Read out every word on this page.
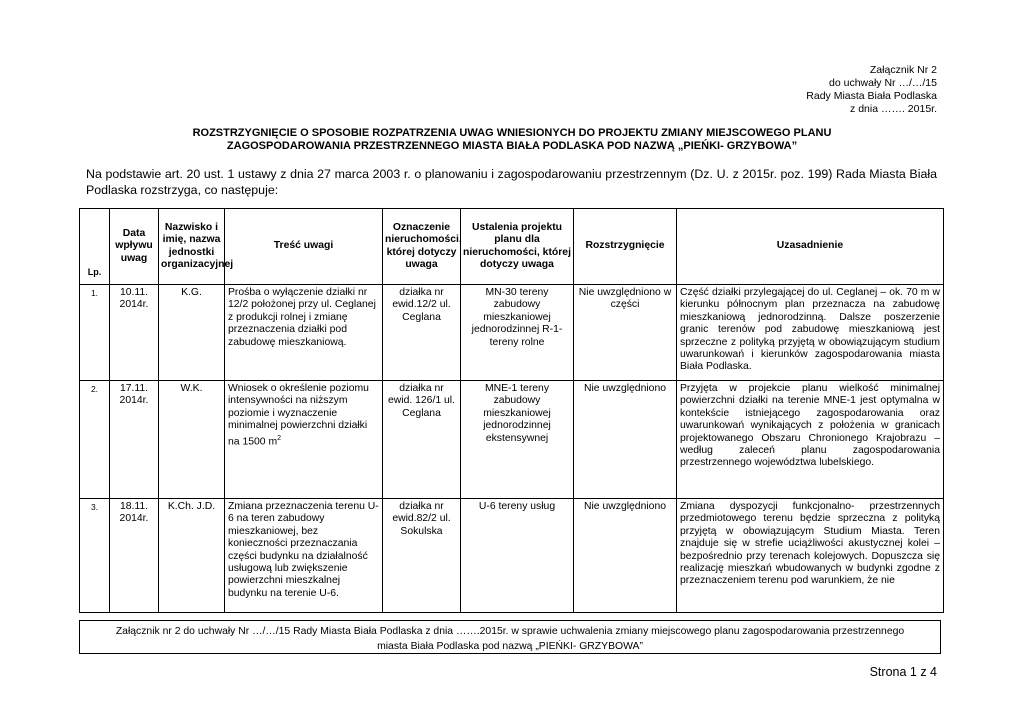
Załącznik Nr 2
do uchwały Nr …/…/15
Rady Miasta Biała Podlaska
z dnia ……. 2015r.
ROZSTRZYGNIĘCIE O SPOSOBIE ROZPATRZENIA UWAG WNIESIONYCH DO PROJEKTU ZMIANY MIEJSCOWEGO PLANU
ZAGOSPODAROWANIA PRZESTRZENNEGO MIASTA BIAŁA PODLASKA POD NAZWĄ „PIEŃKI- GRZYBOWA”
Na podstawie art. 20 ust. 1 ustawy z dnia 27 marca 2003 r. o planowaniu i zagospodarowaniu przestrzennym (Dz. U. z 2015r. poz. 199) Rada Miasta Biała Podlaska rozstrzyga, co następuje:
Lp.	Data wpływu uwag	Nazwisko i imię, nazwa jednostki organizacyjnej	Treść uwagi	Oznaczenie nieruchomości, której dotyczy uwaga	Ustalenia projektu planu dla nieruchomości, której dotyczy uwaga	Rozstrzygnięcie	Uzasadnienie
1.	10.11. 2014r.	K.G.	Prośba o wyłączenie działki nr 12/2 położonej przy ul. Ceglanej z produkcji rolnej i zmianę przeznaczenia działki pod zabudowę mieszkaniową.	działka nr ewid.12/2 ul. Ceglana	MN-30 tereny zabudowy mieszkaniowej jednorodzinnej R-1- tereny rolne	Nie uwzględniono w części	Część działki przylegającej do ul. Ceglanej – ok. 70 m w kierunku północnym plan przeznacza na zabudowę mieszkaniową jednorodzinną. Dalsze poszerzenie granic terenów pod zabudowę mieszkaniową jest sprzeczne z polityką przyjętą w obowiązującym studium uwarunkowań i kierunków zagospodarowania miasta Biała Podlaska.
2.	17.11. 2014r.	W.K.	Wniosek o określenie poziomu intensywności na niższym poziomie i wyznaczenie minimalnej powierzchni działki na 1500 $m^2$	działka nr ewid. 126/1 ul. Ceglana	MNE-1 tereny zabudowy mieszkaniowej jednorodzinnej ekstensywnej	Nie uwzględniono	Przyjęta w projekcie planu wielkość minimalnej powierzchni działki na terenie MNE-1 jest optymalna w kontekście istniejącego zagospodarowania oraz uwarunkowań wynikających z położenia w granicach projektowanego Obszaru Chronionego Krajobrazu – według zaleceń planu zagospodarowania przestrzennego województwa lubelskiego.
3.	18.11. 2014r.	K.Ch. J.D.	Zmiana przeznaczenia terenu U-6 na teren zabudowy mieszkaniowej, bez konieczności przeznaczania części budynku na działalność usługową lub zwiększenie powierzchni mieszkalnej budynku na terenie U-6.	działka nr ewid.82/2 ul. Sokulska	U-6 tereny usług	Nie uwzględniono	Zmiana dyspozycji funkcjonalno- przestrzennych przedmiotowego terenu będzie sprzeczna z polityką przyjętą w obowiązującym Studium Miasta. Teren znajduje się w strefie uciążliwości akustycznej kolei – bezpośrednio przy terenach kolejowych. Dopuszcza się realizację mieszkań wbudowanych w budynki zgodne z przeznaczeniem terenu pod warunkiem, że nie
Załącznik nr 2 do uchwały Nr …/…/15 Rady Miasta Biała Podlaska z dnia …….2015r. w sprawie uchwalenia zmiany miejscowego planu zagospodarowania przestrzennego
miasta Biała Podlaska pod nazwą „PIEŃKI- GRZYBOWA”
Strona 1 z 4
